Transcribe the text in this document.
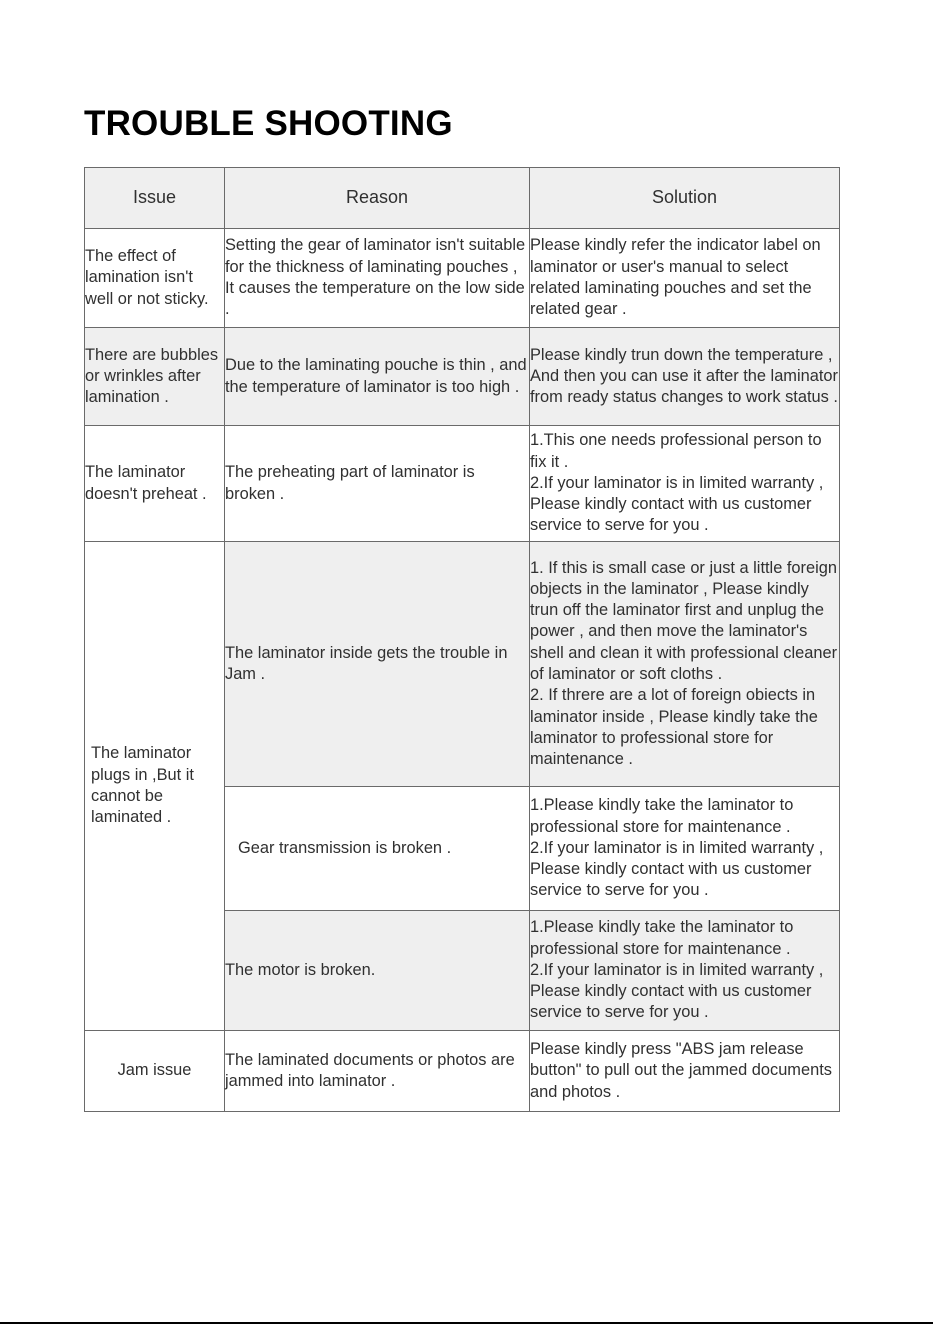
TROUBLE SHOOTING
Issue	Reason	Solution
The effect of lamination isn't well or not sticky.	Setting the gear of laminator isn't suitable for the thickness of laminating pouches , It causes the temperature on the low side .	Please kindly refer the indicator label on laminator or user's manual to select related laminating pouches and set the related gear .
There are bubbles or wrinkles after lamination .	Due to the laminating pouche is thin , and the temperature of laminator is too high .	Please kindly trun down the temperature , And then you can use it after the laminator from ready status changes to work status .
The laminator doesn't preheat .	The preheating part of laminator is broken .	1.This one needs professional person to fix it .
2.If your laminator is in limited warranty , Please kindly contact with us customer service to serve for you .

The laminator plugs in ,But it cannot be laminated .	The laminator inside gets the trouble in Jam .	1. If this is small case or just a little foreign objects in the laminator , Please kindly trun off the laminator first and unplug the power , and then move the laminator's shell and clean it with professional cleaner of laminator or soft cloths .
2. If threre are a lot of foreign obiects in laminator inside , Please kindly take the laminator to professional store for maintenance .

	Gear transmission is broken .	1.Please kindly take the laminator to professional store for maintenance .
2.If your laminator is in limited warranty , Please kindly contact with us customer service to serve for you .

	The motor is broken.	1.Please kindly take the laminator to professional store for maintenance .
2.If your laminator is in limited warranty , Please kindly contact with us customer service to serve for you .

Jam issue	The laminated documents or photos are jammed into laminator .	Please kindly press "ABS jam release button" to pull out the jammed documents and photos .
